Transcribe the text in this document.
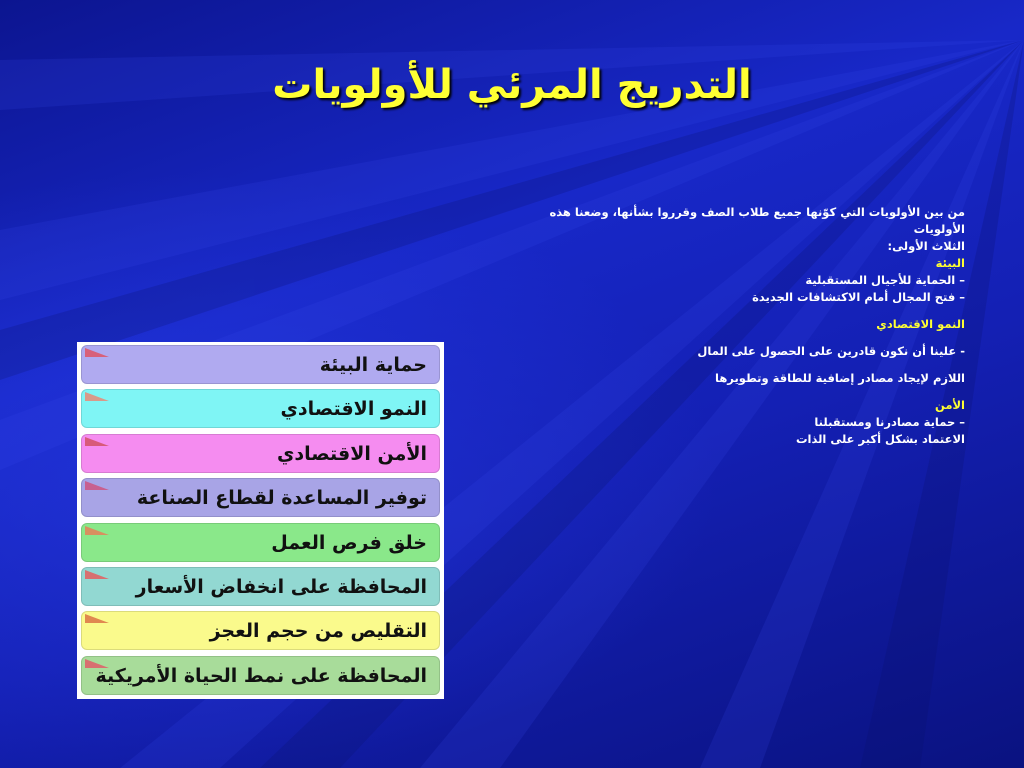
التدريج المرئي للأولويات
من بين الأولويات التي كوّنها جميع طلاب الصف وقرروا بشأنها، وضعنا هذه
الأولويات
الثلاث الأولى:
البيئة
– الحماية للأجيال المستقبلية
– فتح المجال أمام الاكتشافات الجديدة
النمو الاقتصادي
- علينا أن نكون قادرين على الحصول على المال
اللازم لإيجاد مصادر إضافية للطاقة وتطويرها
الأمن
– حماية مصادرنا ومستقبلنا
الاعتماد بشكل أكبر على الذات
حماية البيئة
النمو الاقتصادي
الأمن الاقتصادي
توفير المساعدة لقطاع الصناعة
خلق فرص العمل
المحافظة على انخفاض الأسعار
التقليص من حجم العجز
المحافظة على نمط الحياة الأمريكية
